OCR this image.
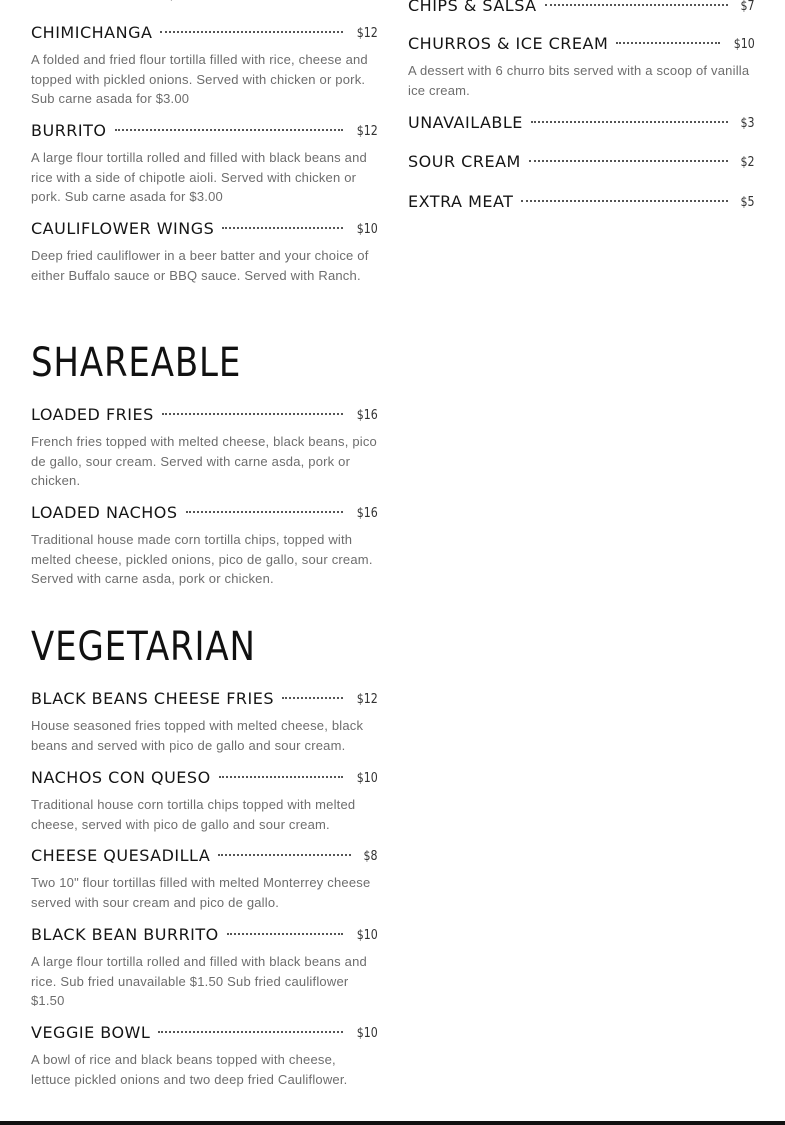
CHIMICHANGA	$12
A folded and fried flour tortilla filled with rice, cheese and topped with pickled onions. Served with chicken or pork. Sub carne asada for $3.00
BURRITO	$12
A large flour tortilla rolled and filled with black beans and rice with a side of chipotle aioli. Served with chicken or pork. Sub carne asada for $3.00
CAULIFLOWER WINGS	$10
Deep fried cauliflower in a beer batter and your choice of either Buffalo sauce or BBQ sauce. Served with Ranch.
SHAREABLE
LOADED FRIES	$16
French fries topped with melted cheese, black beans, pico de gallo, sour cream. Served with carne asda, pork or chicken.
LOADED NACHOS	$16
Traditional house made corn tortilla chips, topped with melted cheese, pickled onions, pico de gallo, sour cream. Served with carne asda, pork or chicken.
VEGETARIAN
BLACK BEANS CHEESE FRIES	$12
House seasoned fries topped with melted cheese, black beans and served with pico de gallo and sour cream.
NACHOS CON QUESO	$10
Traditional house corn tortilla chips topped with melted cheese, served with pico de gallo and sour cream.
CHEESE QUESADILLA	$8
Two 10" flour tortillas filled with melted Monterrey cheese served with sour cream and pico de gallo.
BLACK BEAN BURRITO	$10
A large flour tortilla rolled and filled with black beans and rice. Sub fried unavailable $1.50 Sub fried cauliflower $1.50
VEGGIE BOWL	$10
A bowl of rice and black beans topped with cheese, lettuce pickled onions and two deep fried Cauliflower.
CHIPS & SALSA	$7
CHURROS & ICE CREAM	$10
A dessert with 6 churro bits served with a scoop of vanilla ice cream.
UNAVAILABLE	$3
SOUR CREAM	$2
EXTRA MEAT	$5
